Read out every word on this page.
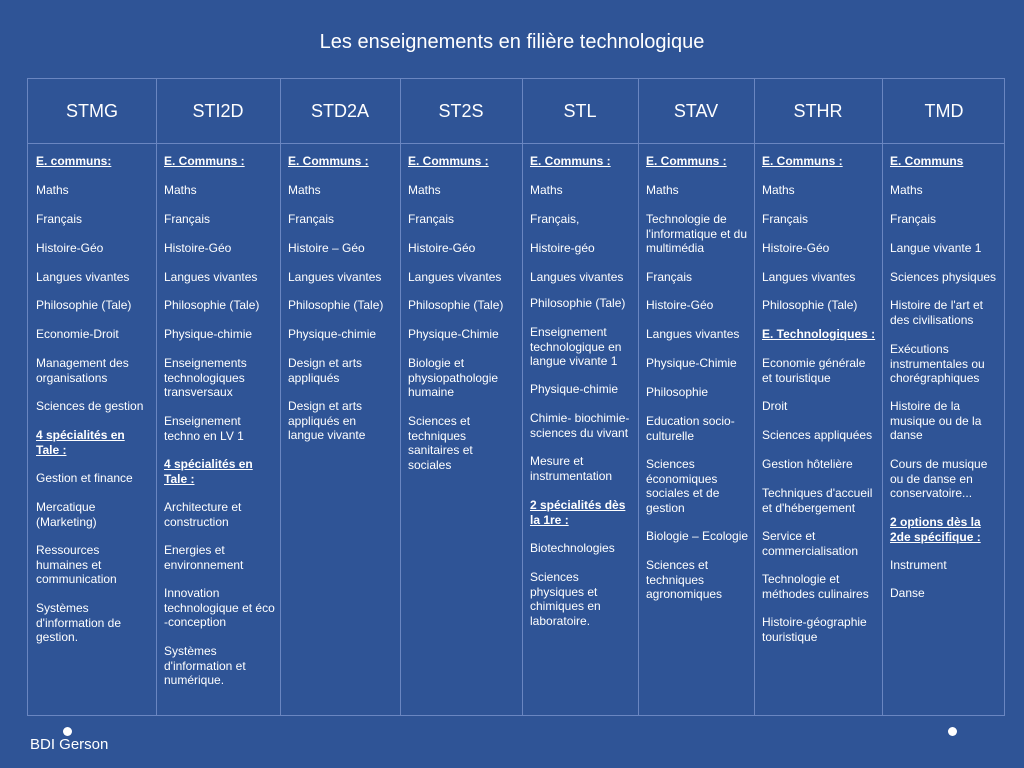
Les enseignements en filière technologique
STMG
E. communs:
Maths
Français
Histoire-Géo
Langues vivantes
Philosophie (Tale)
Economie-Droit
Management des
organisations
Sciences de gestion
4 spécialités en
Tale :
Gestion et finance
Mercatique
(Marketing)
Ressources
humaines et
communication
Systèmes
d'information de
gestion.
STI2D
E. Communs :
Maths
Français
Histoire-Géo
Langues vivantes
Philosophie (Tale)
Physique-chimie
Enseignements
technologiques
transversaux
Enseignement
techno en LV 1
4 spécialités en
Tale :
Architecture et
construction
Energies et
environnement
Innovation
technologique et éco
-conception
Systèmes
d'information et
numérique.
STD2A
E. Communs :
Maths
Français
Histoire – Géo
Langues vivantes
Philosophie (Tale)
Physique-chimie
Design et arts
appliqués
Design et arts
appliqués en
langue vivante
ST2S
E. Communs :
Maths
Français
Histoire-Géo
Langues vivantes
Philosophie (Tale)
Physique-Chimie
Biologie et
physiopathologie
humaine
Sciences et
techniques
sanitaires et
sociales
STL
E. Communs :
Maths
Français,
Histoire-géo
Langues vivantes
Philosophie (Tale)
Enseignement
technologique en
langue vivante 1
Physique-chimie
Chimie- biochimie-
sciences du vivant
Mesure et
instrumentation
2 spécialités dès
la 1re :
Biotechnologies
Sciences
physiques et
chimiques en
laboratoire.
STAV
E. Communs :
Maths
Technologie de
l'informatique et du
multimédia
Français
Histoire-Géo
Langues vivantes
Physique-Chimie
Philosophie
Education socio-
culturelle
Sciences
économiques
sociales et de
gestion
Biologie – Ecologie
Sciences et
techniques
agronomiques
STHR
E. Communs :
Maths
Français
Histoire-Géo
Langues vivantes
Philosophie (Tale)
E. Technologiques :
Economie générale
et touristique
Droit
Sciences appliquées
Gestion hôtelière
Techniques d'accueil
et d'hébergement
Service et
commercialisation
Technologie et
méthodes culinaires
Histoire-géographie
touristique
TMD
E. Communs
Maths
Français
Langue vivante 1
Sciences physiques
Histoire de l'art et
des civilisations
Exécutions
instrumentales ou
chorégraphiques
Histoire de la
musique ou de la
danse
Cours de musique
ou de danse en
conservatoire...
2 options dès la
2de spécifique :
Instrument
Danse
BDI Gerson
